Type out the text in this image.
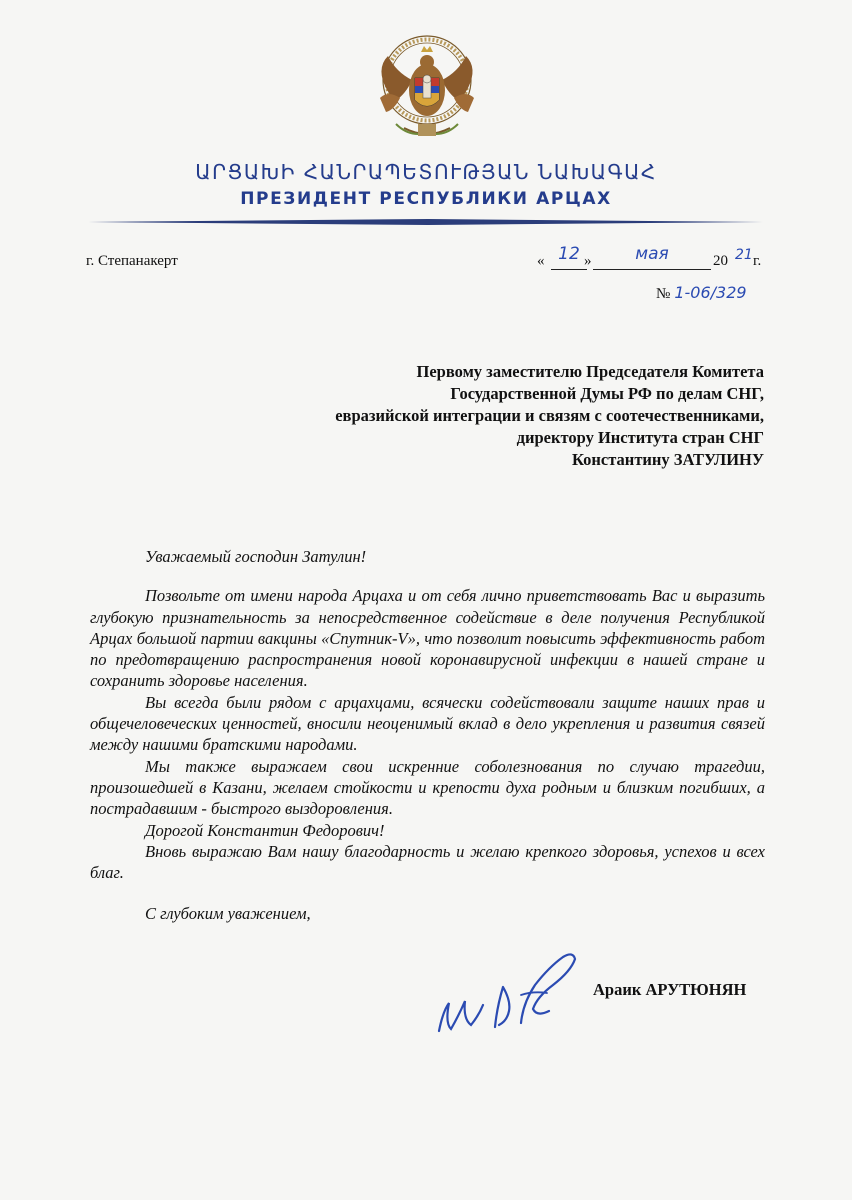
ԱՐՑԱԽԻ ՀԱՆՐԱՊԵՏՈՒԹՅԱՆ ՆԱԽԱԳԱՀ
ПРЕЗИДЕНТ РЕСПУБЛИКИ АРЦАХ
г. Степанакерт	« 12 »	мая	20 21 г.
№ 1-06/329
Первому заместителю Председателя Комитета
Государственной Думы РФ по делам СНГ,
евразийской интеграции и связям с соотечественниками,
директору Института стран СНГ
Константину ЗАТУЛИНУ

Уважаемый господин Затулин!

Позвольте от имени народа Арцаха и от себя лично приветствовать Вас и выразить глубокую признательность за непосредственное содействие в деле получения Республикой Арцах большой партии вакцины «Спутник-V», что позволит повысить эффективность работ по предотвращению распространения новой коронавирусной инфекции в нашей стране и сохранить здоровье населения.

Вы всегда были рядом с арцахцами, всячески содействовали защите наших прав и общечеловеческих ценностей, вносили неоценимый вклад в дело укрепления и развития связей между нашими братскими народами.

Мы также выражаем свои искренние соболезнования по случаю трагедии, произошедшей в Казани, желаем стойкости и крепости духа родным и близким погибших, а пострадавшим - быстрого выздоровления.

Дорогой Константин Федорович!

Вновь выражаю Вам нашу благодарность и желаю крепкого здоровья, успехов и всех благ.

С глубоким уважением,

Араик АРУТЮНЯН
